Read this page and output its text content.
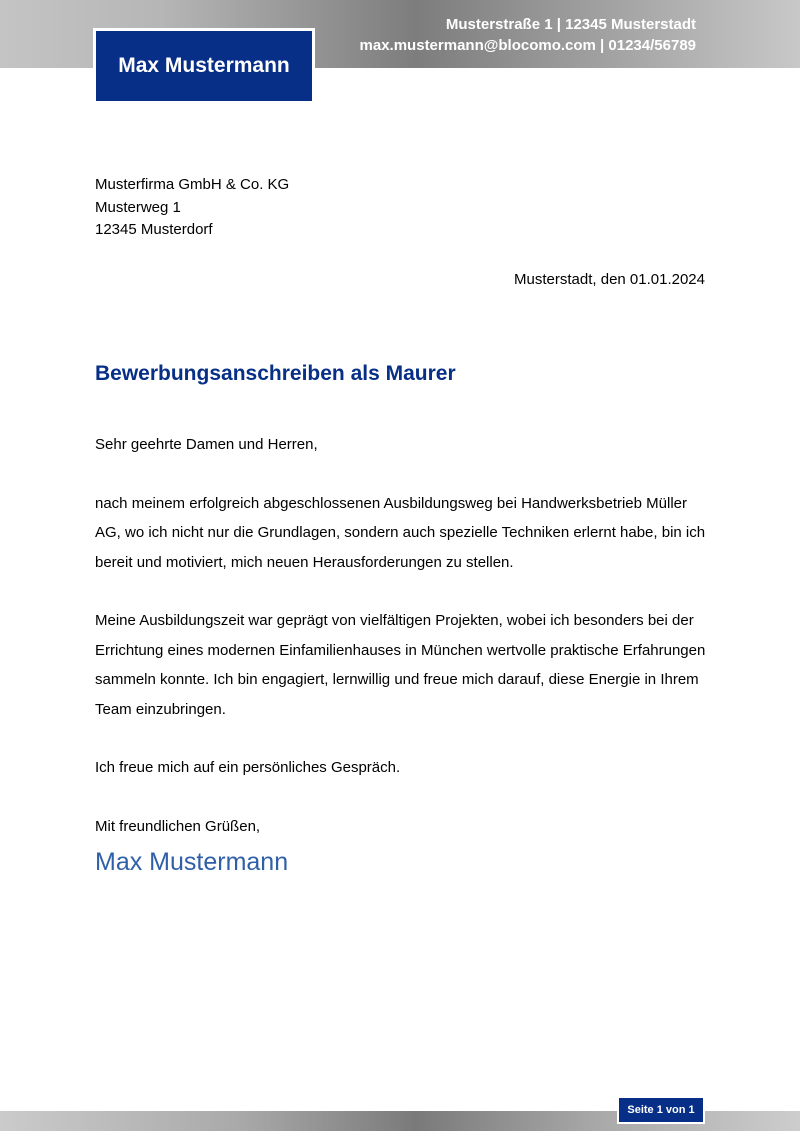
Musterstraße 1 | 12345 Musterstadt
max.mustermann@blocomo.com | 01234/56789
Max Mustermann
Musterfirma GmbH & Co. KG
Musterweg 1
12345 Musterdorf
Musterstadt, den 01.01.2024
Bewerbungsanschreiben als Maurer

Sehr geehrte Damen und Herren,

nach meinem erfolgreich abgeschlossenen Ausbildungsweg bei Handwerksbetrieb Müller AG, wo ich nicht nur die Grundlagen, sondern auch spezielle Techniken erlernt habe, bin ich bereit und motiviert, mich neuen Herausforderungen zu stellen.

Meine Ausbildungszeit war geprägt von vielfältigen Projekten, wobei ich besonders bei der Errichtung eines modernen Einfamilienhauses in München wertvolle praktische Erfahrungen sammeln konnte. Ich bin engagiert, lernwillig und freue mich darauf, diese Energie in Ihrem Team einzubringen.

Ich freue mich auf ein persönliches Gespräch.

Mit freundlichen Grüßen,

Max Mustermann
Seite 1 von 1
